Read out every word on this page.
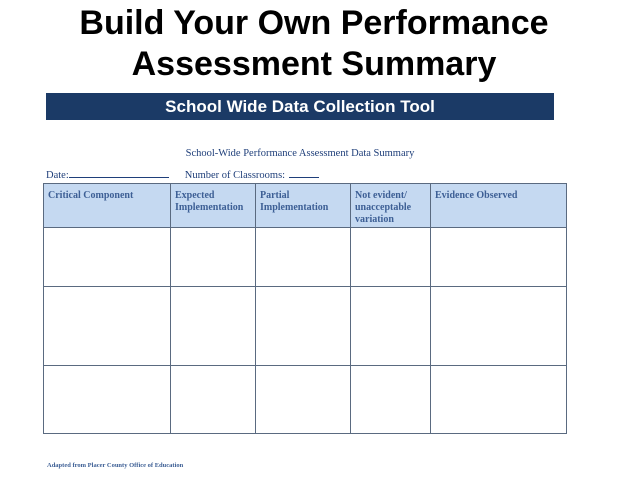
Build Your Own Performance
Assessment Summary
School Wide Data Collection Tool
School-Wide Performance Assessment Data Summary
Date:	Number of Classrooms:
Critical Component	Expected Implementation	Partial Implementation	Not evident/ unacceptable variation	Evidence Observed

Adapted from Placer County Office of Education
